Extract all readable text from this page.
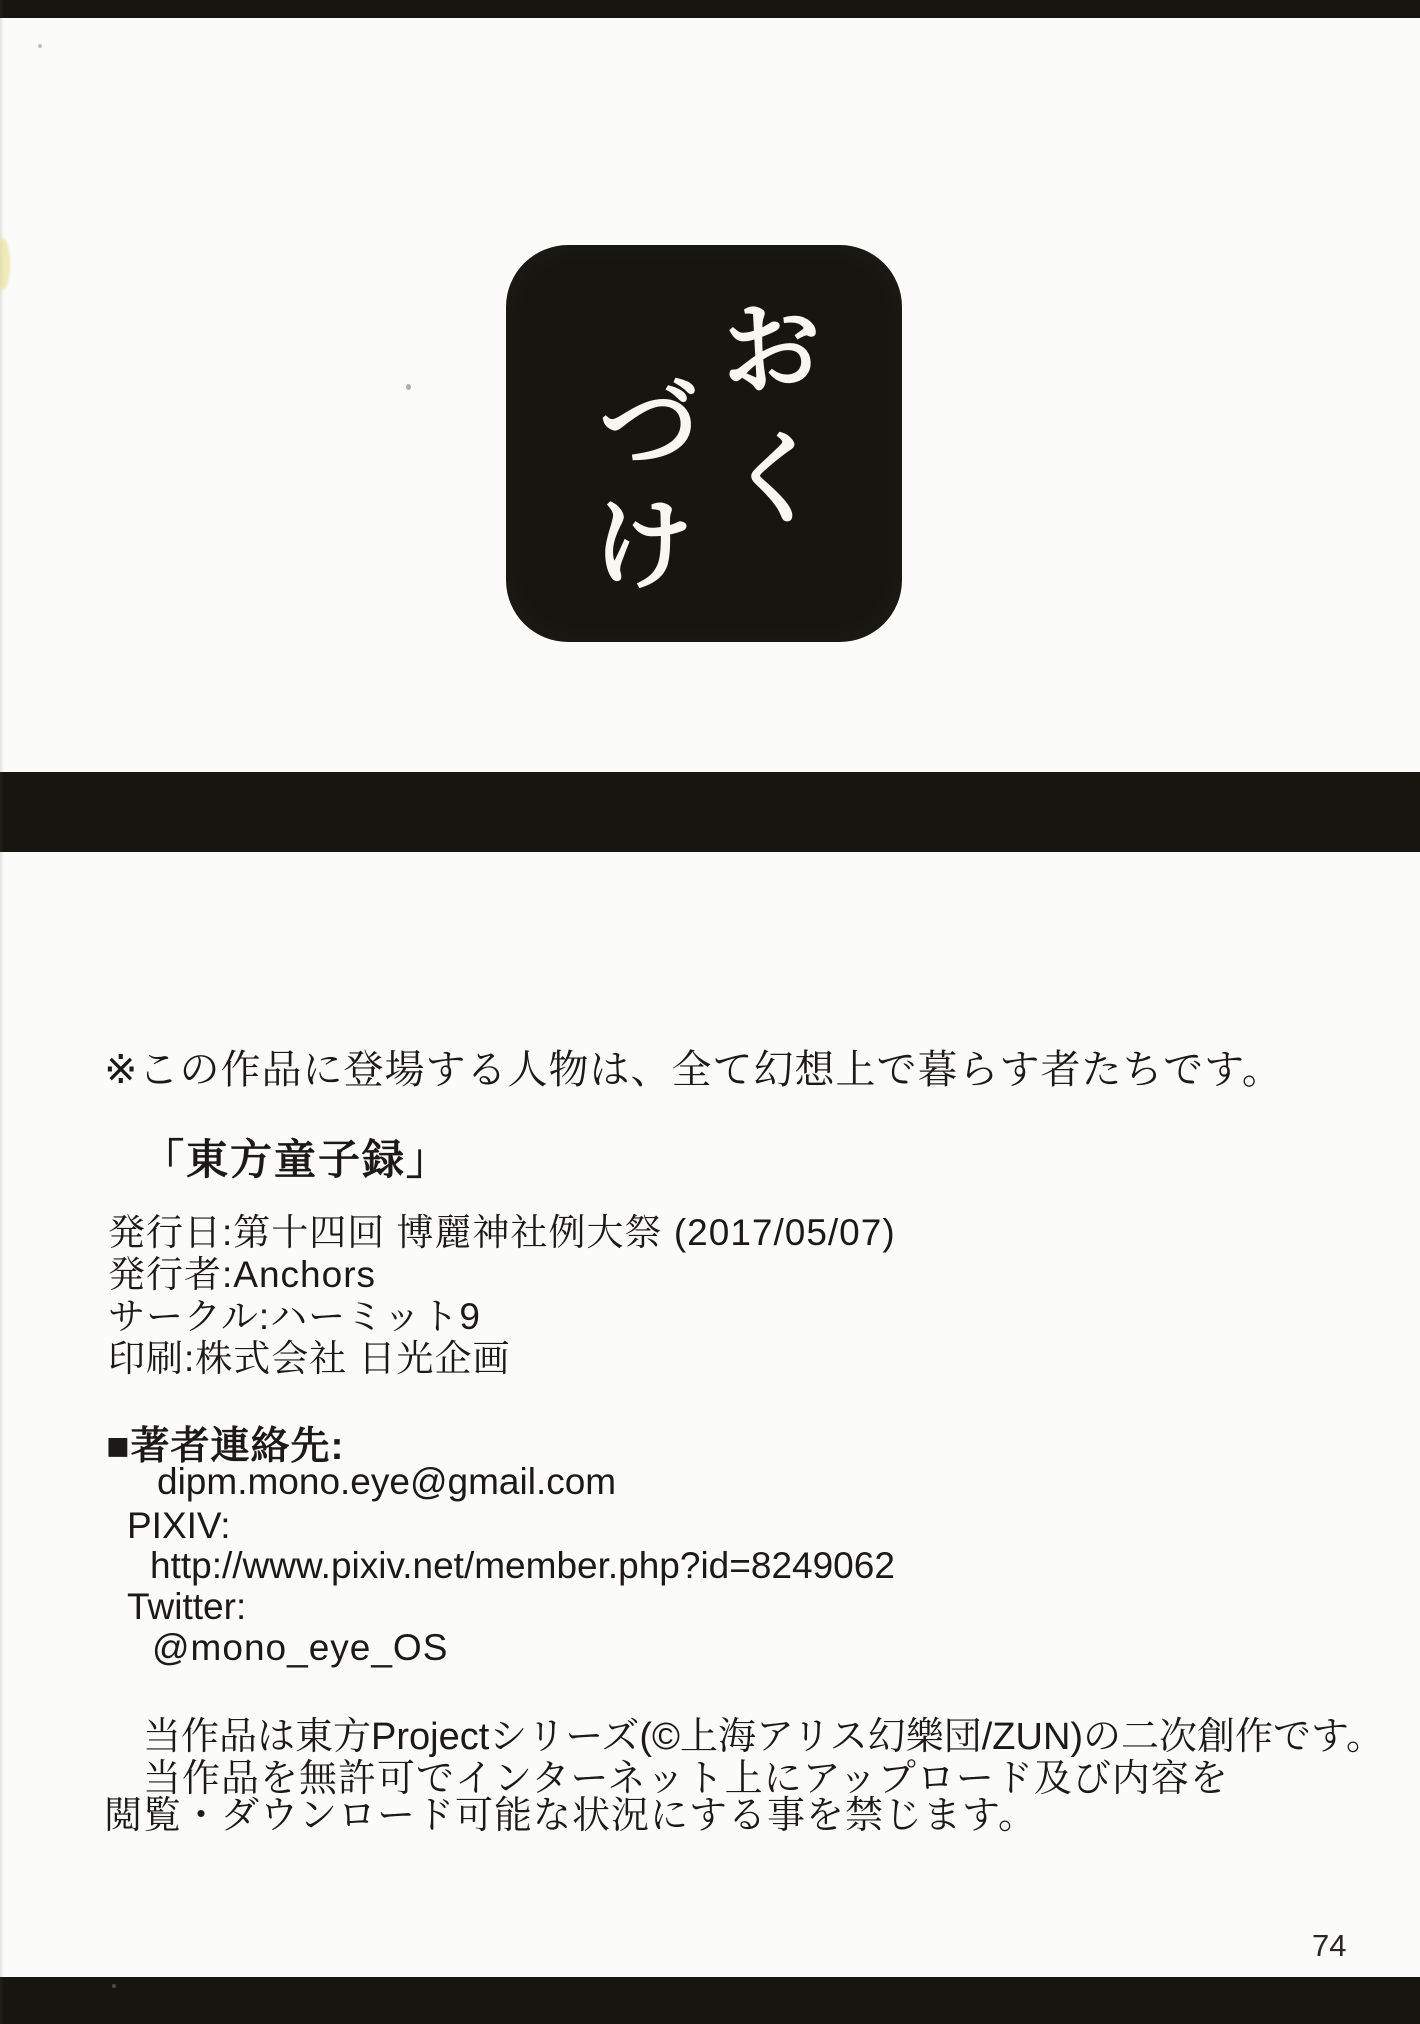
お
く
づ
け
※この作品に登場する人物は、全て幻想上で暮らす者たちです。
「東方童子録」
発行日:第十四回 博麗神社例大祭 (2017/05/07)
発行者:Anchors
サークル:ハーミット9
印刷:株式会社 日光企画
■著者連絡先:
dipm.mono.eye@gmail.com
PIXIV:
http://www.pixiv.net/member.php?id=8249062
Twitter:
@mono_eye_OS
当作品は東方Projectシリーズ(©上海アリス幻樂団/ZUN)の二次創作です。
当作品を無許可でインターネット上にアップロード及び内容を
閲覧・ダウンロード可能な状況にする事を禁じます。
74
